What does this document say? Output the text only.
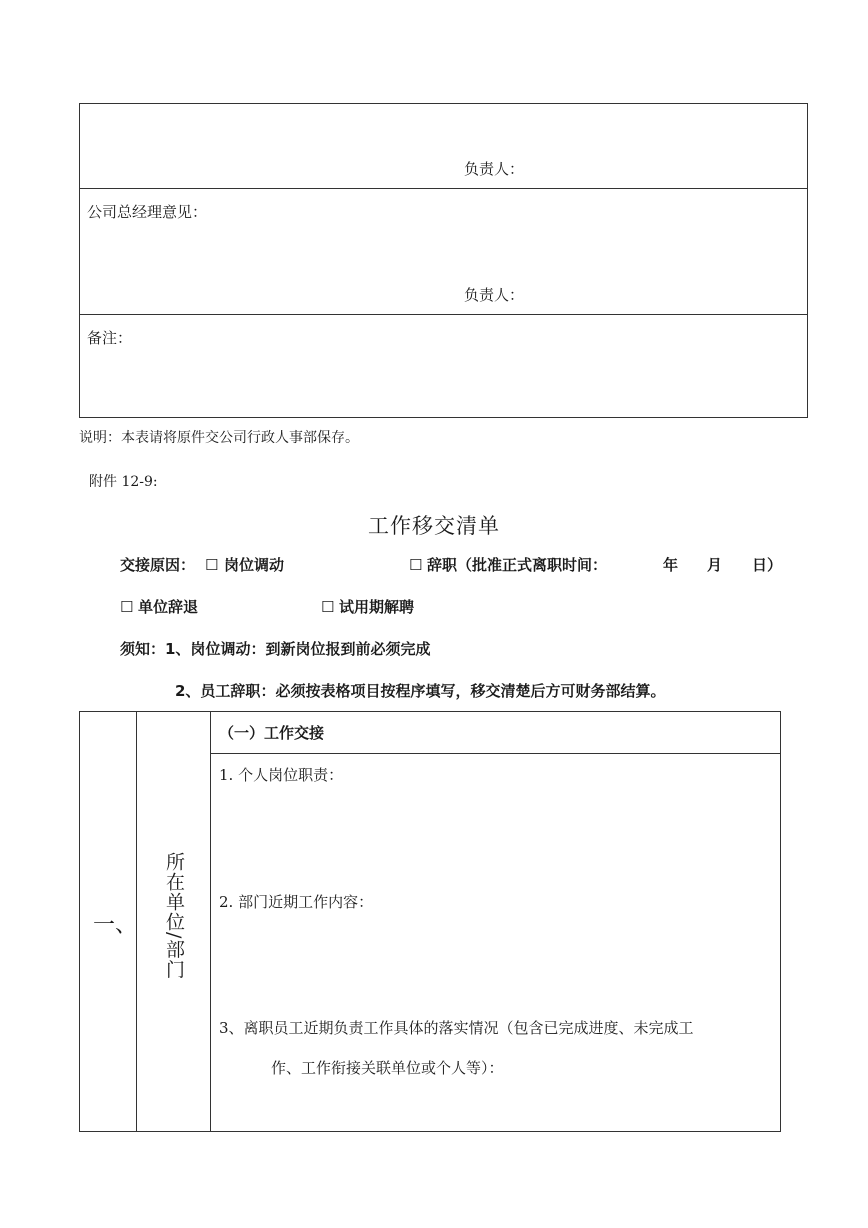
负责人：
公司总经理意见：
负责人：
备注：
说明：本表请将原件交公司行政人事部保存。
附件 12-9:
工作移交清单
交接原因： ☐ 岗位调动	☐ 辞职（批准正式离职时间：	年 月 日）
☐ 单位辞退	☐ 试用期解聘
须知：1、岗位调动：到新岗位报到前必须完成
2、员工辞职：必须按表格项目按程序填写，移交清楚后方可财务部结算。
一、 所在单位/部门
（一）工作交接
1. 个人岗位职责：
2. 部门近期工作内容：
3、离职员工近期负责工作具体的落实情况（包含已完成进度、未完成工
作、工作衔接关联单位或个人等）：
